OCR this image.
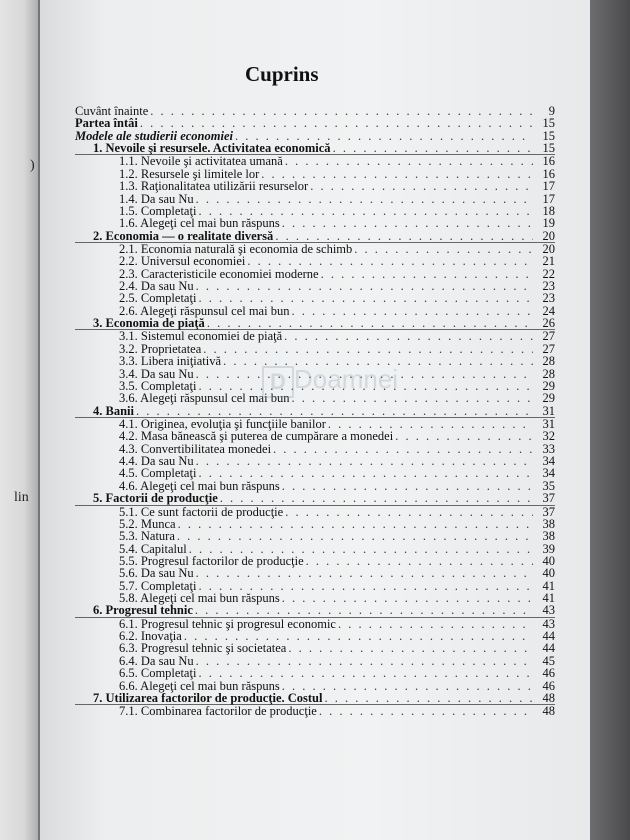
)
lin
Cuprins
Cuvânt înainte . . .	9
Partea întâi . . .	15
Modele ale studierii economiei . . .	15
1. Nevoile şi resursele. Activitatea economică . . .	15
1.1. Nevoile şi activitatea umană . . .	16
1.2. Resursele şi limitele lor . . .	16
1.3. Raţionalitatea utilizării resurselor . . .	17
1.4. Da sau Nu . . .	17
1.5. Completaţi . . .	18
1.6. Alegeţi cel mai bun răspuns . . .	19
2. Economia — o realitate diversă . . .	20
2.1. Economia naturală şi economia de schimb . . .	20
2.2. Universul economiei . . .	21
2.3. Caracteristicile economiei moderne . . .	22
2.4. Da sau Nu . . .	23
2.5. Completaţi . . .	23
2.6. Alegeţi răspunsul cel mai bun . . .	24
3. Economia de piaţă . . .	26
3.1. Sistemul economiei de piaţă . . .	27
3.2. Proprietatea . . .	27
3.3. Libera iniţiativă . . .	28
3.4. Da sau Nu . . .	28
3.5. Completaţi . . .	29
3.6. Alegeţi răspunsul cel mai bun . . .	29
4. Banii . . .	31
4.1. Originea, evoluţia şi funcţiile banilor . . .	31
4.2. Masa bănească şi puterea de cumpărare a monedei . . .	32
4.3. Convertibilitatea monedei . . .	33
4.4. Da sau Nu . . .	34
4.5. Completaţi . . .	34
4.6. Alegeţi cel mai bun răspuns . . .	35
5. Factorii de producţie . . .	37
5.1. Ce sunt factorii de producţie . . .	37
5.2. Munca . . .	38
5.3. Natura . . .	38
5.4. Capitalul . . .	39
5.5. Progresul factorilor de producţie . . .	40
5.6. Da sau Nu . . .	40
5.7. Completaţi . . .	41
5.8. Alegeţi cel mai bun răspuns . . .	41
6. Progresul tehnic . . .	43
6.1. Progresul tehnic şi progresul economic . . .	43
6.2. Inovaţia . . .	44
6.3. Progresul tehnic şi societatea . . .	44
6.4. Da sau Nu . . .	45
6.5. Completaţi . . .	46
6.6. Alegeţi cel mai bun răspuns . . .	46
7. Utilizarea factorilor de producţie. Costul . . .	48
7.1. Combinarea factorilor de producţie . . .	48
D Doamnei
